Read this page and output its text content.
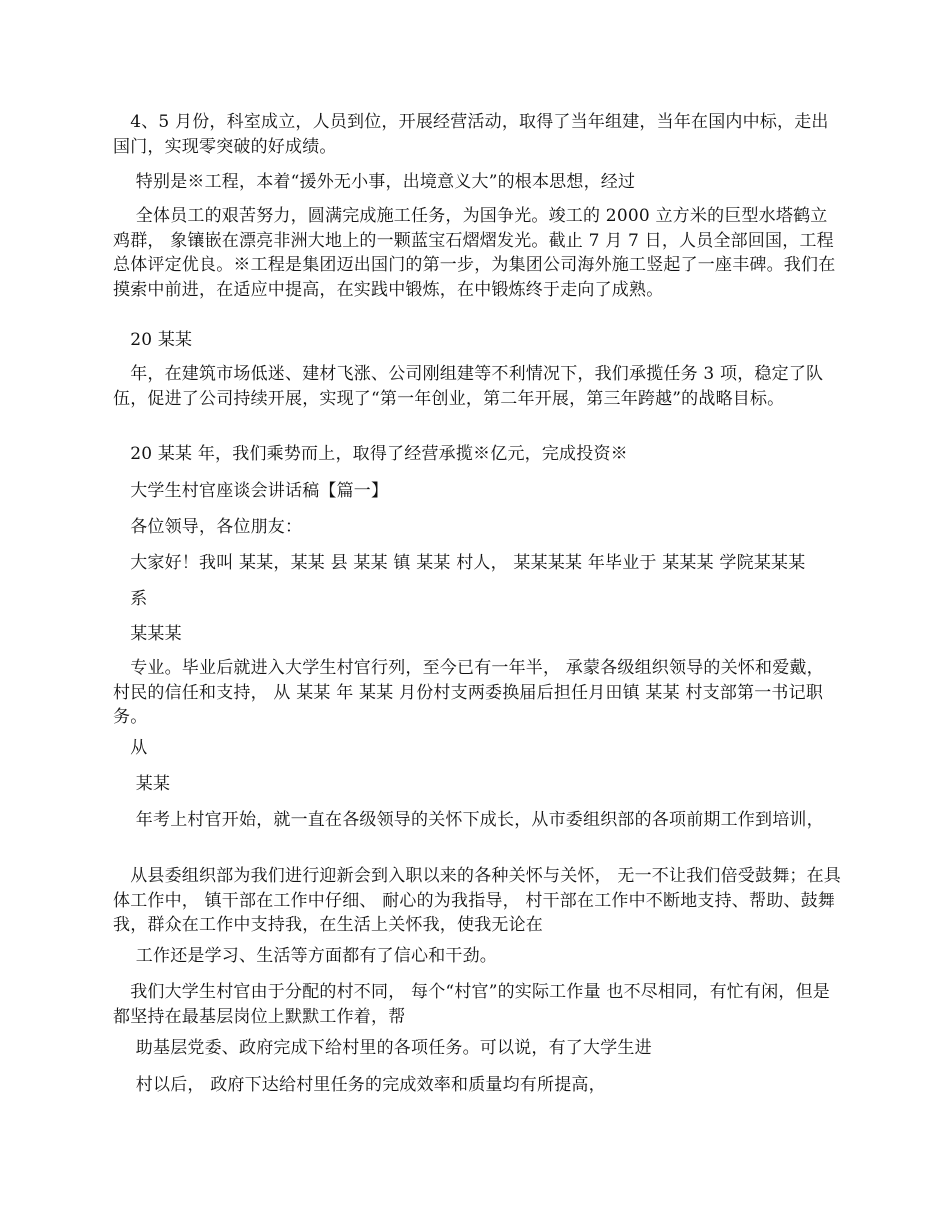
　4、5 月份，科室成立，人员到位，开展经营活动，取得了当年组建，当年在国内中标，走出国门，实现零突破的好成绩。

　 特别是※工程，本着“援外无小事，出境意义大”的根本思想，经过

　 全体员工的艰苦努力，圆满完成施工任务，为国争光。竣工的 2000 立方米的巨型水塔鹤立鸡群， 象镶嵌在漂亮非洲大地上的一颗蓝宝石熠熠发光。截止 7 月 7 日，人员全部回国，工程总体评定优良。※工程是集团迈出国门的第一步，为集团公司海外施工竖起了一座丰碑。我们在摸索中前进，在适应中提高，在实践中锻炼，在中锻炼终于走向了成熟。

　20 某某

　年，在建筑市场低迷、建材飞涨、公司刚组建等不利情况下，我们承揽任务 3 项，稳定了队伍，促进了公司持续开展，实现了“第一年创业，第二年开展，第三年跨越”的战略目标。

　20 某某 年，我们乘势而上，取得了经营承揽※亿元，完成投资※

　大学生村官座谈会讲话稿【篇一】

　各位领导，各位朋友：

　大家好！我叫 某某，某某 县 某某 镇 某某 村人， 某某某某 年毕业于 某某某 学院某某某

　系

　某某某

　专业。毕业后就进入大学生村官行列，至今已有一年半， 承蒙各级组织领导的关怀和爱戴， 村民的信任和支持， 从 某某 年 某某 月份村支两委换届后担任月田镇 某某 村支部第一书记职务。

　从

　 某某

　 年考上村官开始，就一直在各级领导的关怀下成长，从市委组织部的各项前期工作到培训，

　从县委组织部为我们进行迎新会到入职以来的各种关怀与关怀， 无一不让我们倍受鼓舞；在具体工作中， 镇干部在工作中仔细、 耐心的为我指导， 村干部在工作中不断地支持、帮助、鼓舞我，群众在工作中支持我，在生活上关怀我，使我无论在

　 工作还是学习、生活等方面都有了信心和干劲。

　我们大学生村官由于分配的村不同， 每个“村官”的实际工作量 也不尽相同，有忙有闲，但是都坚持在最基层岗位上默默工作着，帮

　 助基层党委、政府完成下给村里的各项任务。可以说，有了大学生进

　 村以后， 政府下达给村里任务的完成效率和质量均有所提高，
